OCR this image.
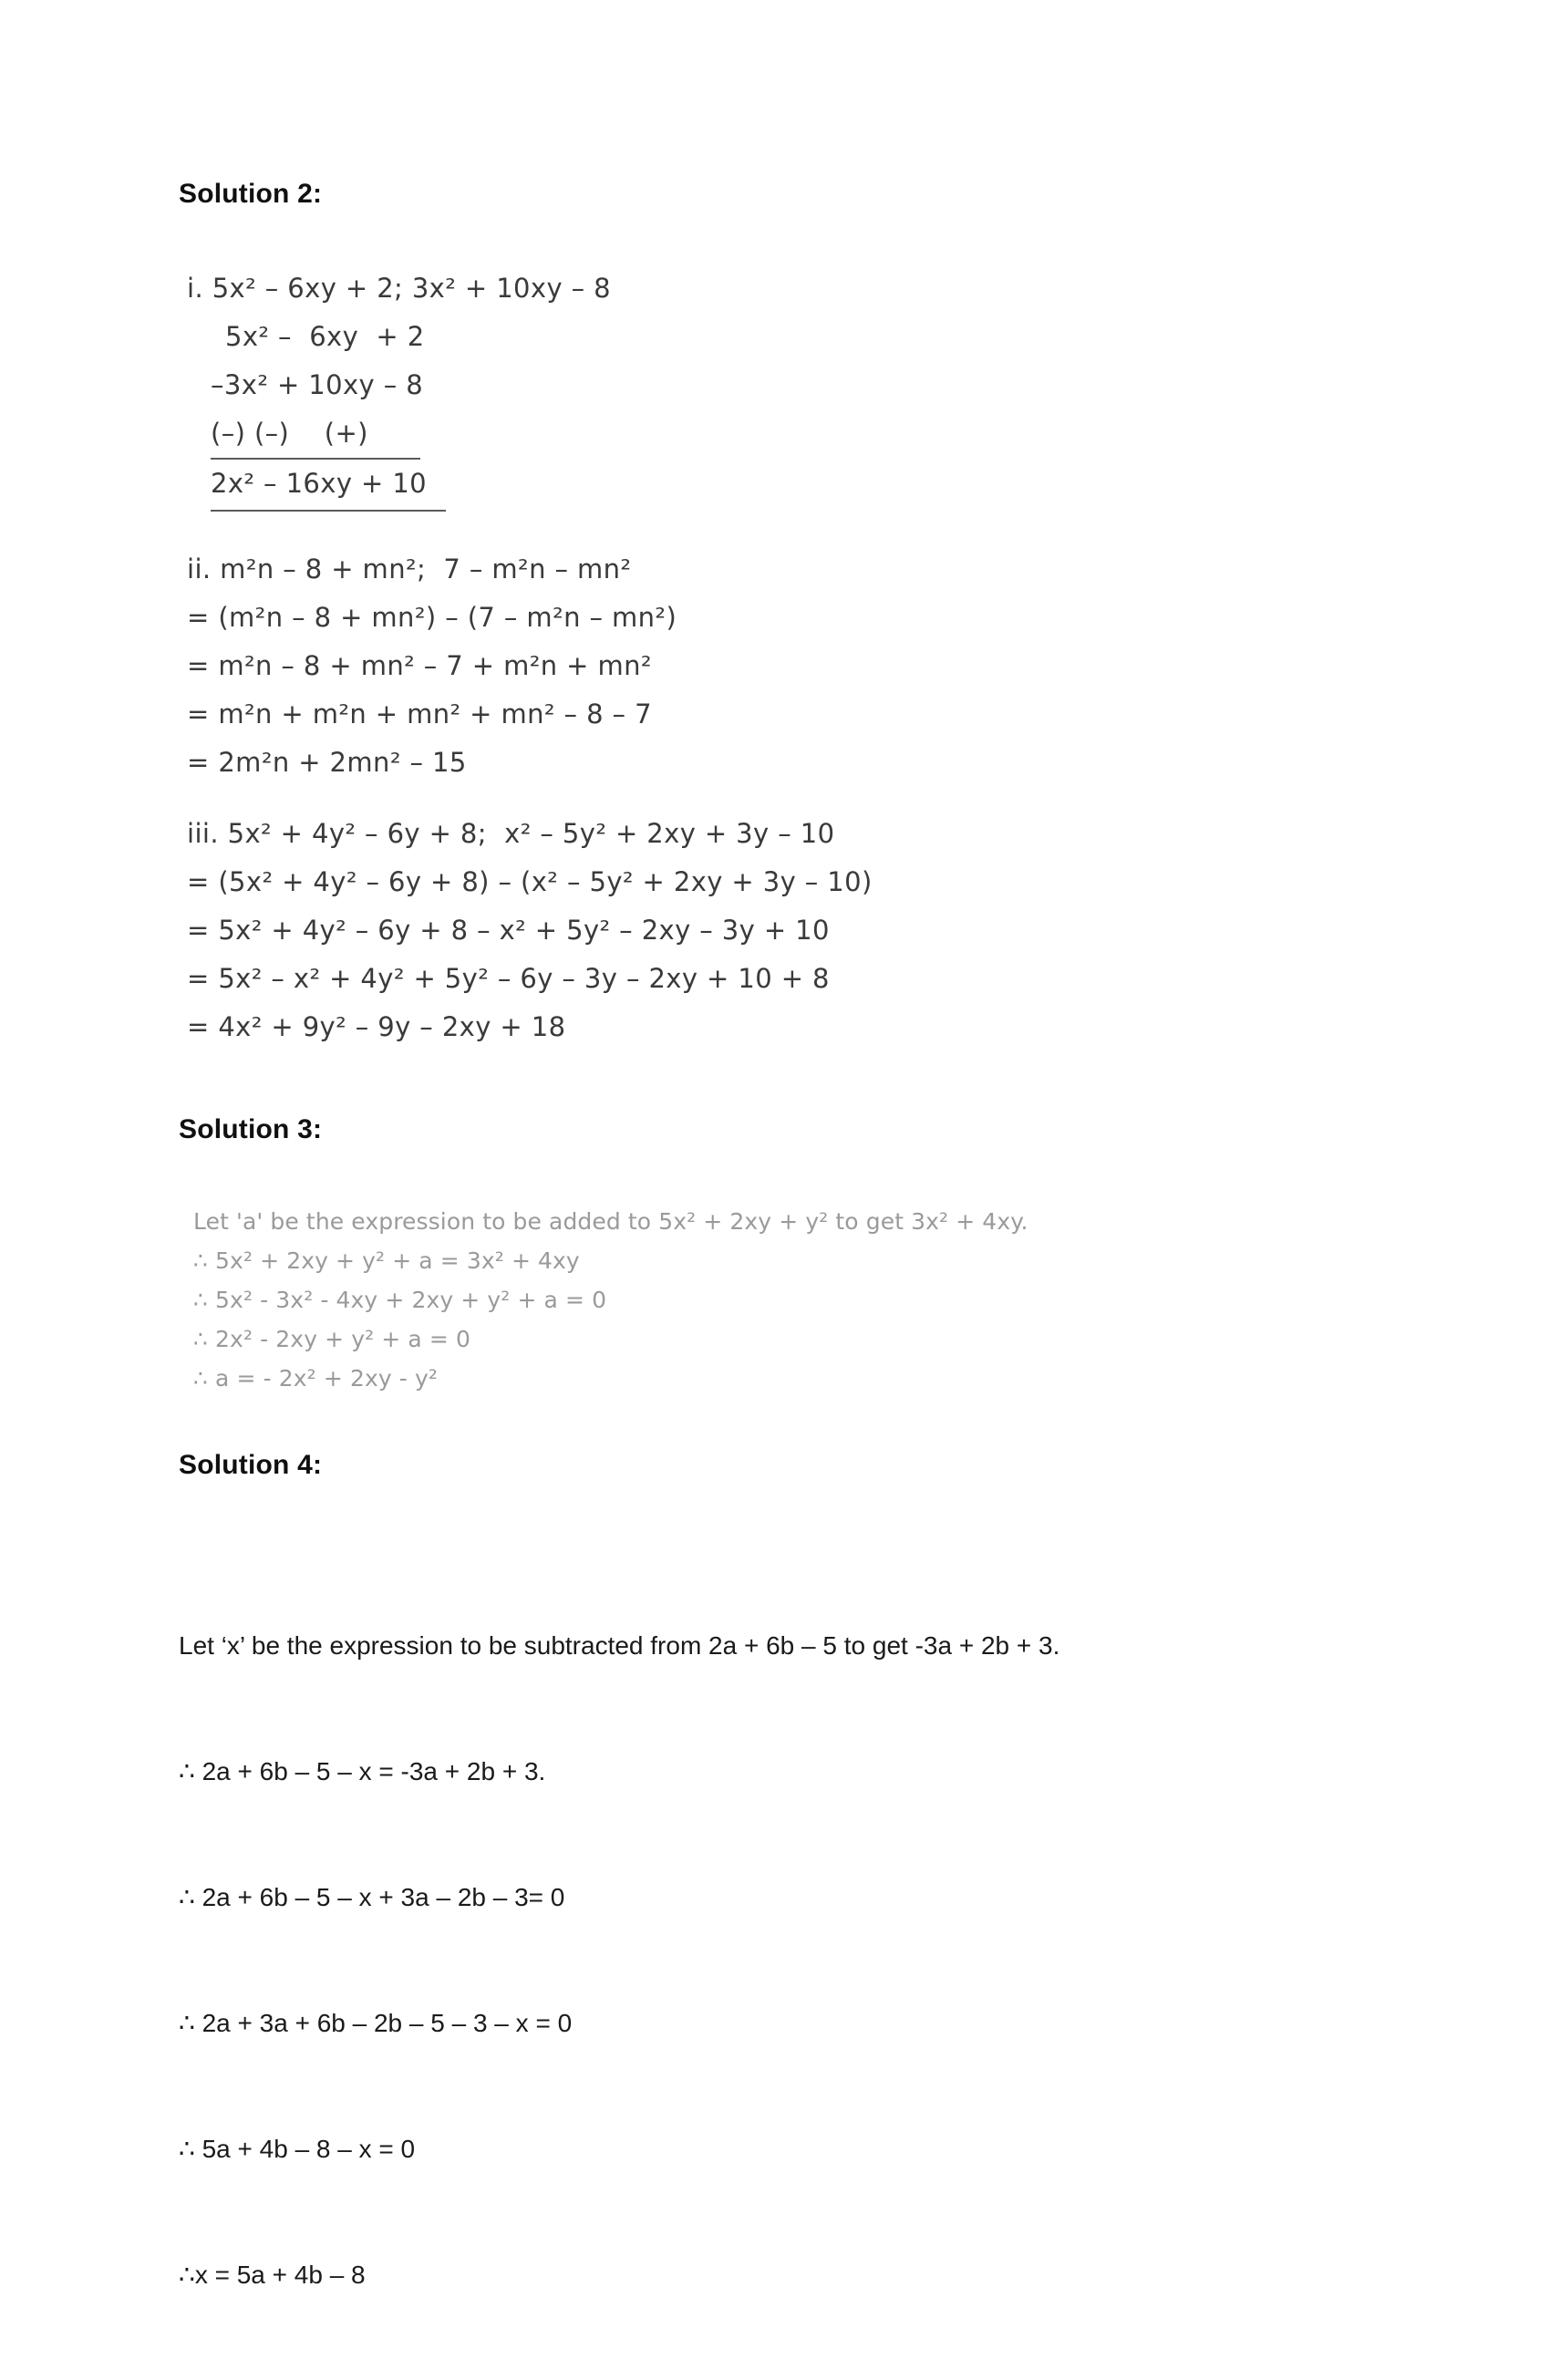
Solution 2:
i. 5x² – 6xy + 2; 3x² + 10xy – 8
5x² –  6xy  + 2
–3x² + 10xy – 8
(–) (–)    (+)
2x² – 16xy + 10
ii. m²n – 8 + mn²;  7 – m²n – mn²
= (m²n – 8 + mn²) – (7 – m²n – mn²)
= m²n – 8 + mn² – 7 + m²n + mn²
= m²n + m²n + mn² + mn² – 8 – 7
= 2m²n + 2mn² – 15
iii. 5x² + 4y² – 6y + 8;  x² – 5y² + 2xy + 3y – 10
= (5x² + 4y² – 6y + 8) – (x² – 5y² + 2xy + 3y – 10)
= 5x² + 4y² – 6y + 8 – x² + 5y² – 2xy – 3y + 10
= 5x² – x² + 4y² + 5y² – 6y – 3y – 2xy + 10 + 8
= 4x² + 9y² – 9y – 2xy + 18
Solution 3:
Let 'a' be the expression to be added to 5x² + 2xy + y² to get 3x² + 4xy.
∴ 5x² + 2xy + y² + a = 3x² + 4xy
∴ 5x² - 3x² - 4xy + 2xy + y² + a = 0
∴ 2x² - 2xy + y² + a = 0
∴ a = - 2x² + 2xy - y²
Solution 4:

Let ‘x’ be the expression to be subtracted from 2a + 6b – 5 to get -3a + 2b + 3.

∴ 2a + 6b – 5 – x = -3a + 2b + 3.

∴ 2a + 6b – 5 – x + 3a – 2b – 3= 0

∴ 2a + 3a + 6b – 2b – 5 – 3 – x = 0

∴ 5a + 4b – 8 – x = 0

∴x = 5a + 4b – 8
